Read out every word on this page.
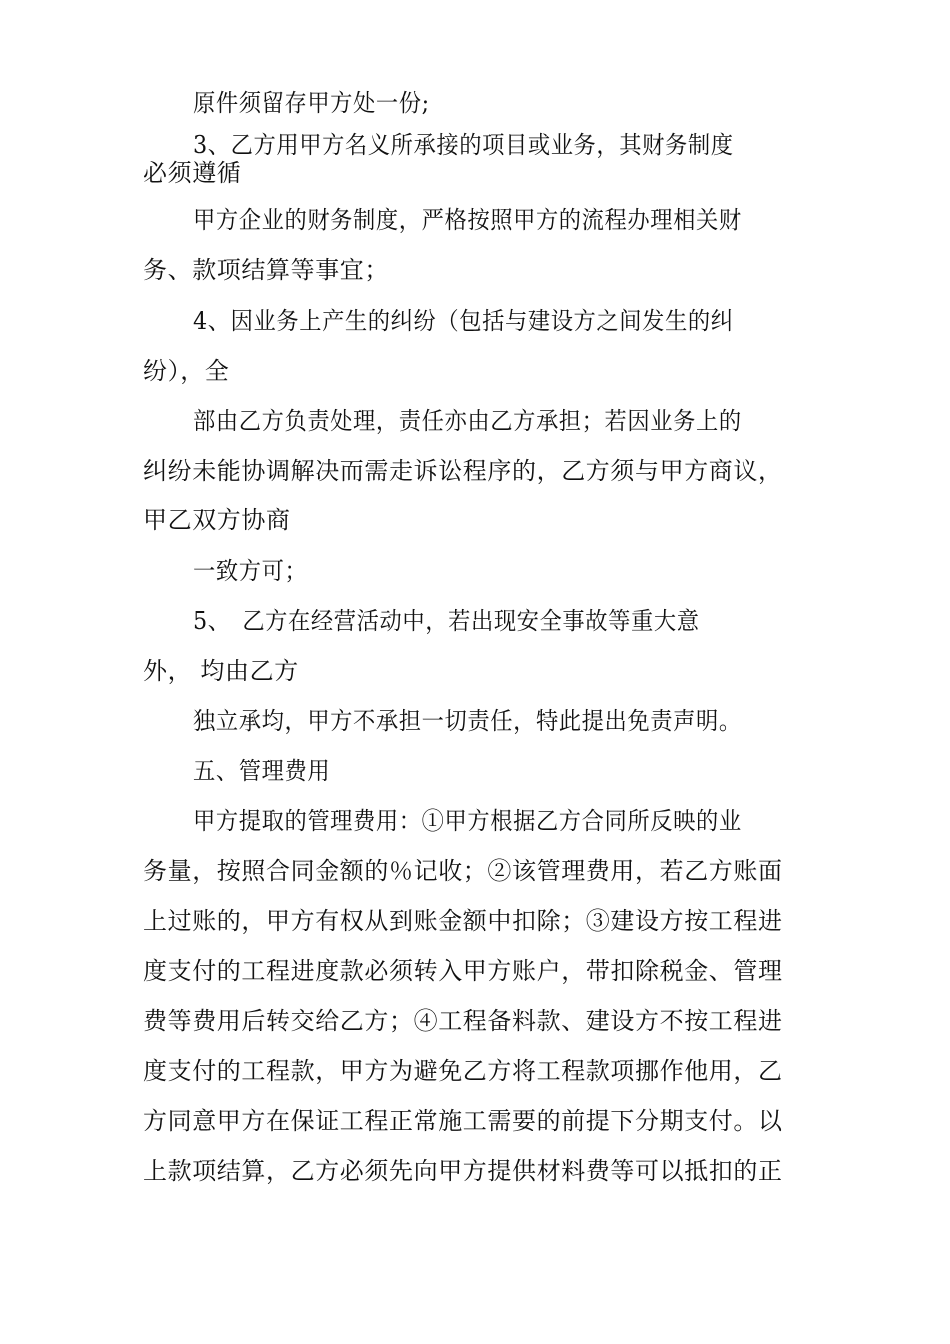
原件须留存甲方处一份;
3、乙方用甲方名义所承接的项目或业务，其财务制度
必须遵循
甲方企业的财务制度，严格按照甲方的流程办理相关财
务、款项结算等事宜；
4、因业务上产生的纠纷（包括与建设方之间发生的纠
纷），全
部由乙方负责处理，责任亦由乙方承担；若因业务上的
纠纷未能协调解决而需走诉讼程序的，乙方须与甲方商议，
甲乙双方协商
一致方可；
5、　乙方在经营活动中，若出现安全事故等重大意
外， 均由乙方
独立承均，甲方不承担一切责任，特此提出免责声明。
五、管理费用
甲方提取的管理费用：①甲方根据乙方合同所反映的业
务量，按照合同金额的％记收；②该管理费用，若乙方账面
上过账的，甲方有权从到账金额中扣除；③建设方按工程进
度支付的工程进度款必须转入甲方账户，带扣除税金、管理
费等费用后转交给乙方；④工程备料款、建设方不按工程进
度支付的工程款，甲方为避免乙方将工程款项挪作他用，乙
方同意甲方在保证工程正常施工需要的前提下分期支付。以
上款项结算，乙方必须先向甲方提供材料费等可以抵扣的正
